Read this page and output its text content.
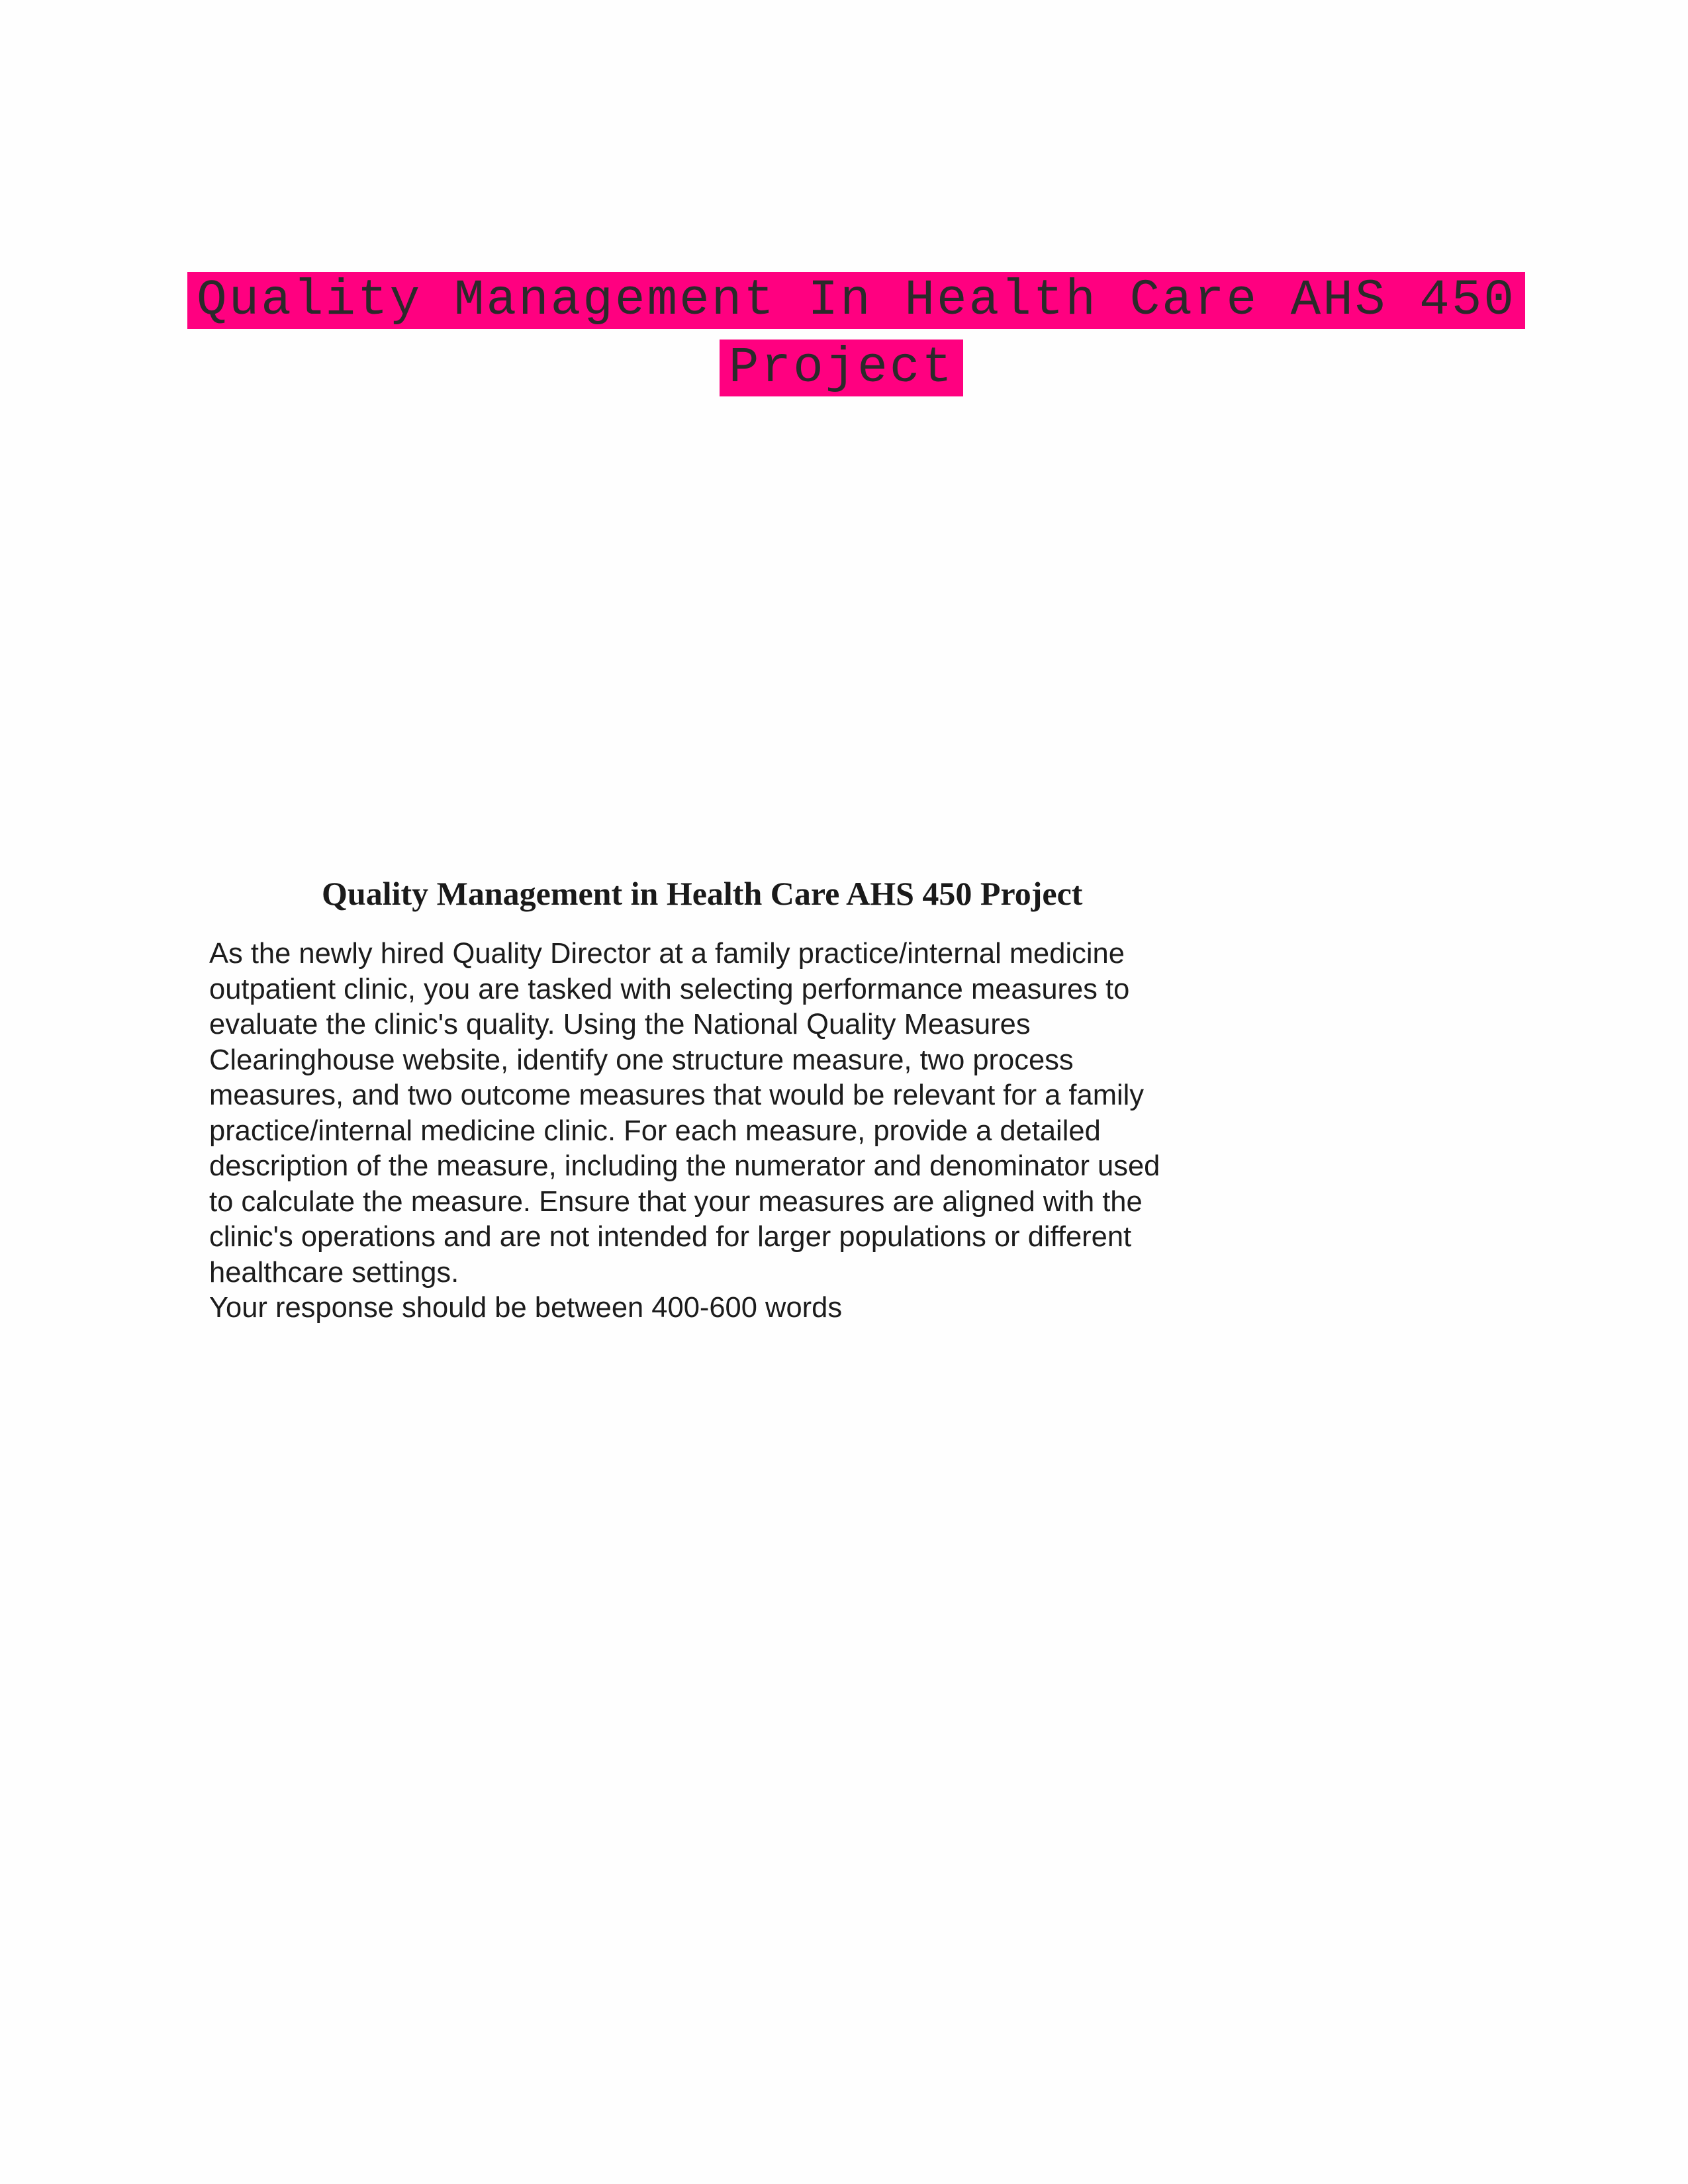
Quality Management In Health Care AHS 450
Project
Quality Management in Health Care AHS 450 Project

As the newly hired Quality Director at a family practice/internal medicine
outpatient clinic, you are tasked with selecting performance measures to
evaluate the clinic's quality. Using the National Quality Measures
Clearinghouse website, identify one structure measure, two process
measures, and two outcome measures that would be relevant for a family
practice/internal medicine clinic. For each measure, provide a detailed
description of the measure, including the numerator and denominator used
to calculate the measure. Ensure that your measures are aligned with the
clinic's operations and are not intended for larger populations or different
healthcare settings.
Your response should be between 400-600 words
